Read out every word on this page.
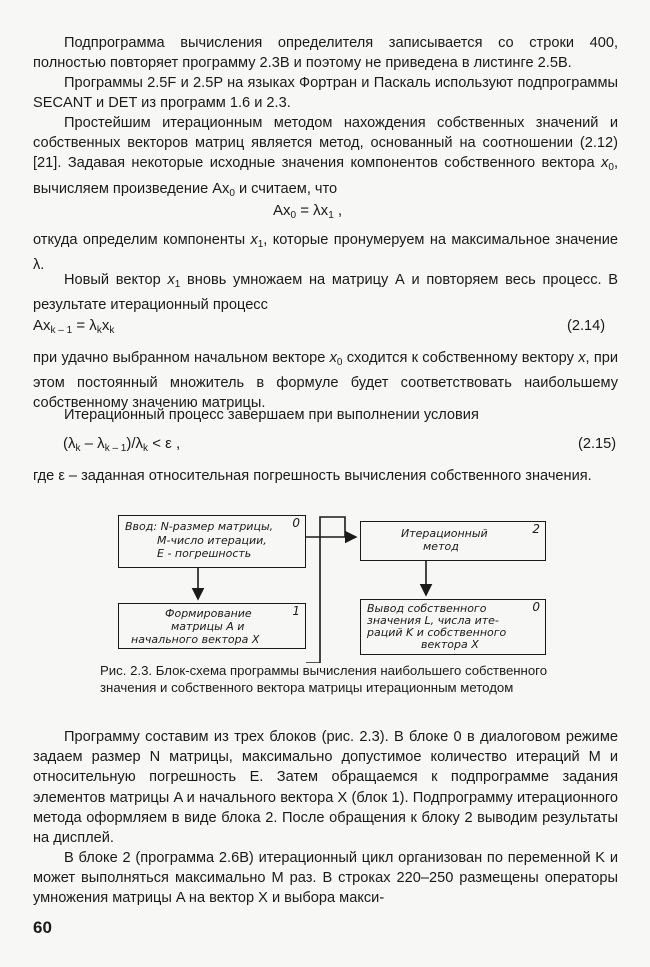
Подпрограмма вычисления определителя записывается со строки 400, полностью повторяет программу 2.3В и поэтому не приведена в листинге 2.5В.

Программы 2.5F и 2.5P на языках Фортран и Паскаль используют подпрограммы SECANT и DET из программ 1.6 и 2.3.

Простейшим итерационным методом нахождения собственных значений и собственных векторов матриц является метод, основанный на соотношении (2.12) [21]. Задавая некоторые исходные значения компонентов собственного вектора $x_0$, вычисляем произведение $Ax_0$ и считаем, что

$Ax_0 = \lambda x_1$ ,

откуда определим компоненты $x_1$, которые пронумеруем на максимальное значение λ.

Новый вектор $x_1$ вновь умножаем на матрицу А и повторяем весь процесс. В результате итерационный процесс

$Ax_{k - 1} = \lambda_kx_k$	(2.14)

при удачно выбранном начальном векторе $x_0$ сходится к собственному вектору x, при этом постоянный множитель в формуле будет соответствовать наибольшему собственному значению матрицы.

Итерационный процесс завершаем при выполнении условия

$(\lambda_k - \lambda_{k - 1})/\lambda_k < \varepsilon$ ,	(2.15)

где ε – заданная относительная погрешность вычисления собственного значения.

0
Ввод: N-размер матрицы,
M-число итерации,
E - погрешность
1
Формирование
матрицы A и
начального вектора X
2
Итерационный
метод
0
Вывод собственного
значения L, числа ите-
раций K и собственного
вектора X
Рис. 2.3. Блок-схема программы вычисления наибольшего собственного значения и собственного вектора матрицы итерационным методом

Программу составим из трех блоков (рис. 2.3). В блоке 0 в диалоговом режиме задаем размер N матрицы, максимально допустимое количество итераций M и относительную погрешность E. Затем обращаемся к подпрограмме задания элементов матрицы A и начального вектора X (блок 1). Подпрограмму итерационного метода оформляем в виде блока 2. После обращения к блоку 2 выводим результаты на дисплей.

В блоке 2 (программа 2.6B) итерационный цикл организован по переменной K и может выполняться максимально M раз. В строках 220–250 размещены операторы умножения матрицы A на вектор X и выбора макси-

60
